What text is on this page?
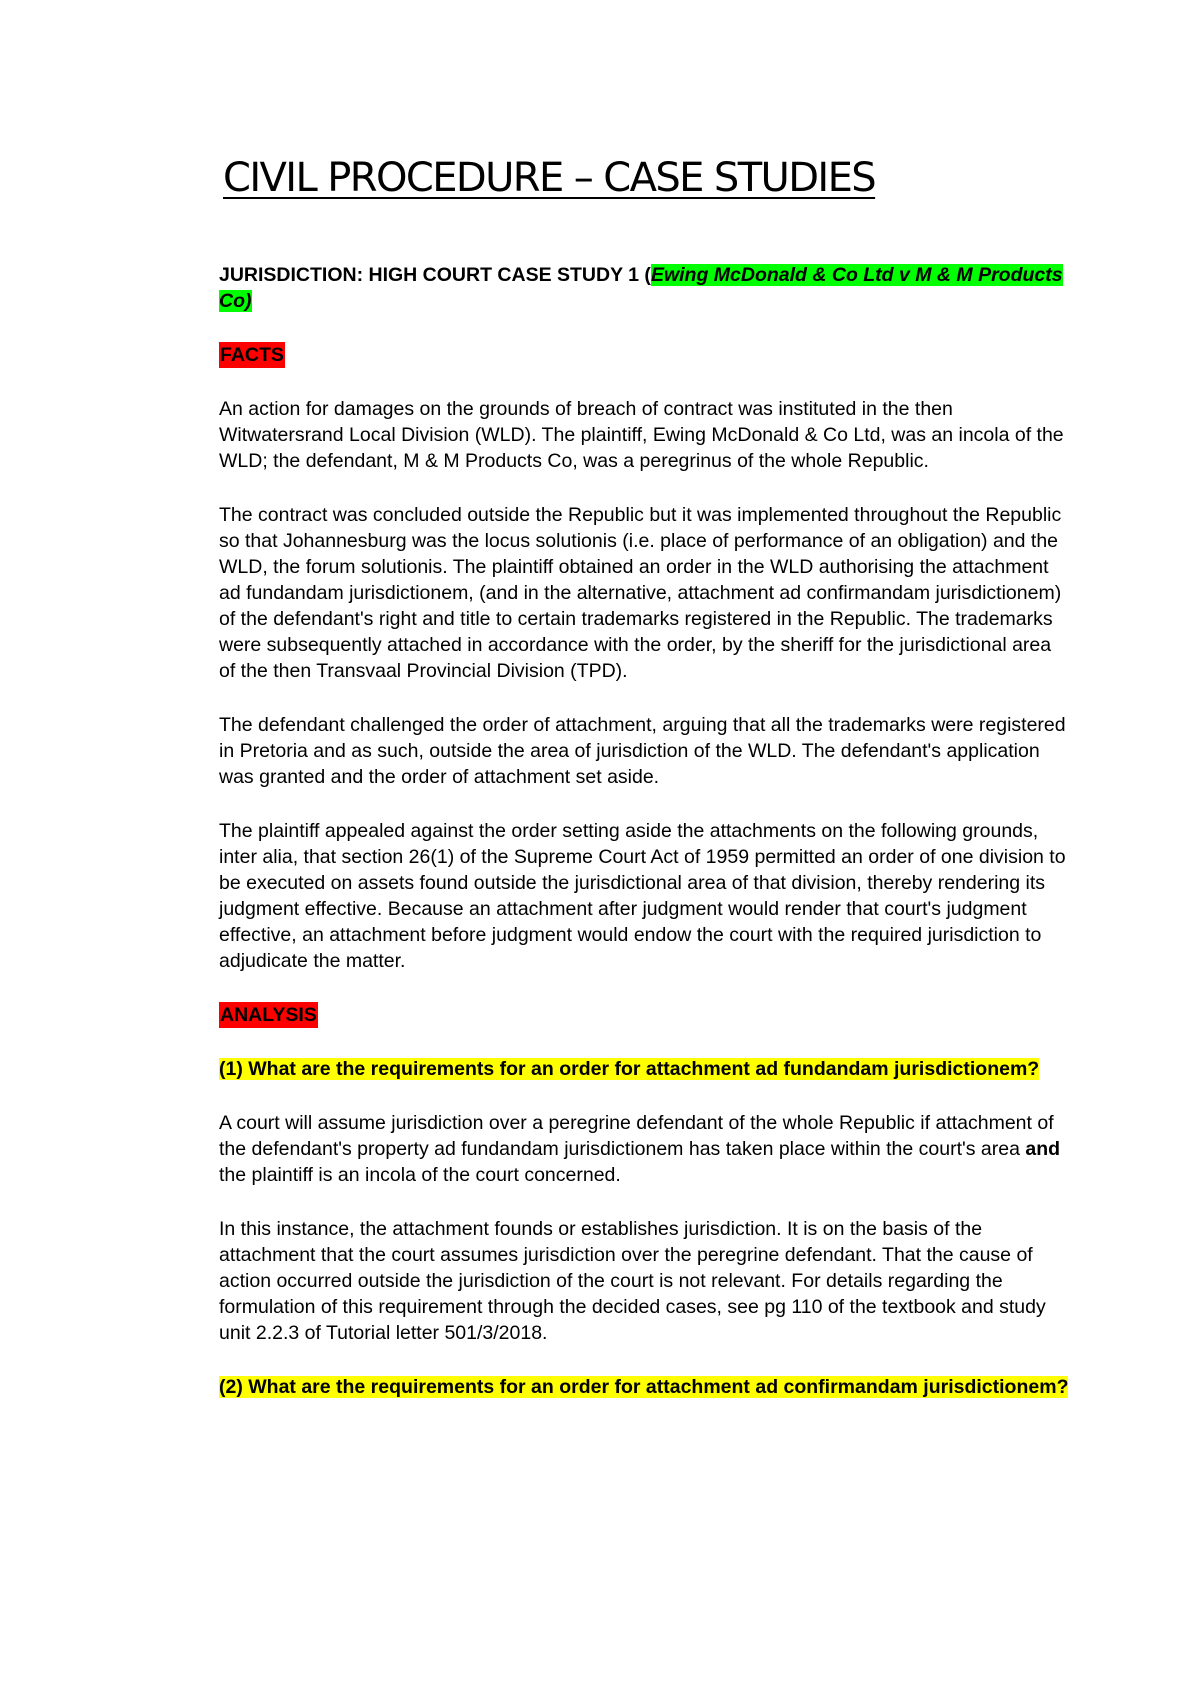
CIVIL PROCEDURE – CASE STUDIES
JURISDICTION: HIGH COURT CASE STUDY 1 (Ewing McDonald & Co Ltd v M & M Products Co)
FACTS

An action for damages on the grounds of breach of contract was instituted in the then Witwatersrand Local Division (WLD). The plaintiff, Ewing McDonald & Co Ltd, was an incola of the WLD; the defendant, M & M Products Co, was a peregrinus of the whole Republic.

The contract was concluded outside the Republic but it was implemented throughout the Republic so that Johannesburg was the locus solutionis (i.e. place of performance of an obligation) and the WLD, the forum solutionis. The plaintiff obtained an order in the WLD authorising the attachment ad fundandam jurisdictionem, (and in the alternative, attachment ad confirmandam jurisdictionem) of the defendant's right and title to certain trademarks registered in the Republic. The trademarks were subsequently attached in accordance with the order, by the sheriff for the jurisdictional area of the then Transvaal Provincial Division (TPD).

The defendant challenged the order of attachment, arguing that all the trademarks were registered in Pretoria and as such, outside the area of jurisdiction of the WLD. The defendant's application was granted and the order of attachment set aside.

The plaintiff appealed against the order setting aside the attachments on the following grounds, inter alia, that section 26(1) of the Supreme Court Act of 1959 permitted an order of one division to be executed on assets found outside the jurisdictional area of that division, thereby rendering its judgment effective. Because an attachment after judgment would render that court's judgment effective, an attachment before judgment would endow the court with the required jurisdiction to adjudicate the matter.

ANALYSIS
(1) What are the requirements for an order for attachment ad fundandam jurisdictionem?

A court will assume jurisdiction over a peregrine defendant of the whole Republic if attachment of the defendant's property ad fundandam jurisdictionem has taken place within the court's area and the plaintiff is an incola of the court concerned.

In this instance, the attachment founds or establishes jurisdiction. It is on the basis of the attachment that the court assumes jurisdiction over the peregrine defendant. That the cause of action occurred outside the jurisdiction of the court is not relevant. For details regarding the formulation of this requirement through the decided cases, see pg 110 of the textbook and study unit 2.2.3 of Tutorial letter 501/3/2018.

(2) What are the requirements for an order for attachment ad confirmandam jurisdictionem?
